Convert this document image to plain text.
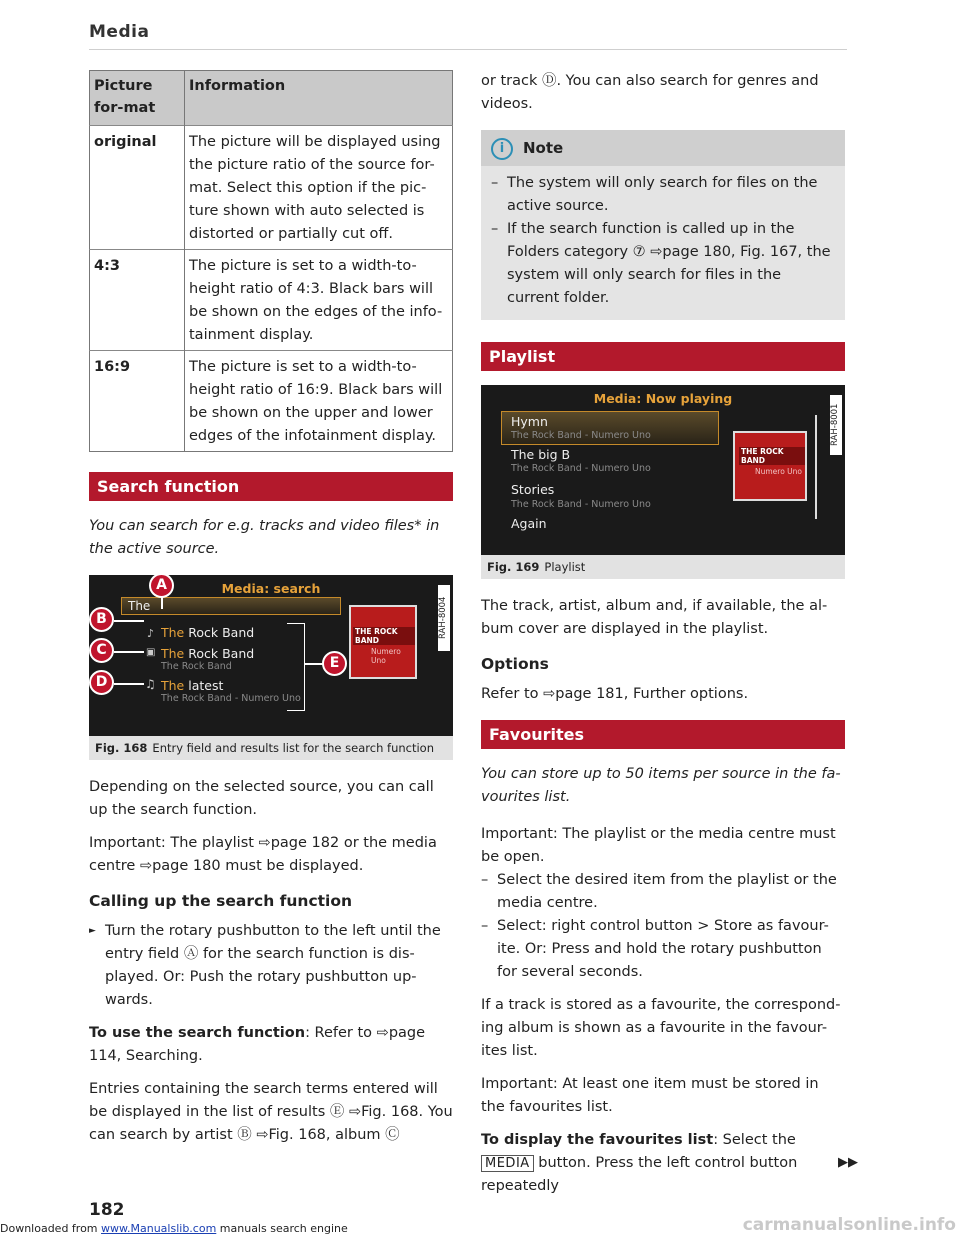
Media
Picture for-mat	Information
original	The picture will be displayed using the picture ratio of the source for-mat. Select this option if the pic-ture shown with auto selected is distorted or partially cut off.
4:3	The picture is set to a width-to-height ratio of 4:3. Black bars will be shown on the edges of the info-tainment display.
16:9	The picture is set to a width-to-height ratio of 16:9. Black bars will be shown on the upper and lower edges of the infotainment display.
Search function
You can search for e.g. tracks and video files* in the active source.
Media: search
The
♪ The Rock Band
▣ The Rock Band
The Rock Band
♫ The latest
The Rock Band - Numero Uno
THE ROCK BAND
Numero Uno
A
B
C
D
E
RAH-8004
Fig. 168 Entry field and results list for the search function

Depending on the selected source, you can call up the search function.

Important: The playlist ⇨page 182 or the media centre ⇨page 180 must be displayed.

Calling up the search function
► Turn the rotary pushbutton to the left until the entry field Ⓐ for the search function is dis-played. Or: Push the rotary pushbutton up-wards.

To use the search function: Refer to ⇨page 114, Searching.

Entries containing the search terms entered will be displayed in the list of results Ⓔ ⇨Fig. 168. You can search by artist Ⓑ ⇨Fig. 168, album Ⓒ

or track Ⓓ. You can also search for genres and videos.

i Note
– The system will only search for files on the active source.
– If the search function is called up in the Folders category ⑦ ⇨page 180, Fig. 167, the system will only search for files in the current folder.
Playlist
Media: Now playing
Hymn
The Rock Band - Numero Uno
The big B
The Rock Band - Numero Uno
Stories
The Rock Band - Numero Uno
Again
THE ROCK BAND
Numero Uno
RAH-8001
Fig. 169 Playlist

The track, artist, album and, if available, the al-bum cover are displayed in the playlist.

Options

Refer to ⇨page 181, Further options.

Favourites
You can store up to 50 items per source in the fa-vourites list.

Important: The playlist or the media centre must be open.

– Select the desired item from the playlist or the media centre.
– Select: right control button > Store as favour-ite. Or: Press and hold the rotary pushbutton for several seconds.

If a track is stored as a favourite, the correspond-ing album is shown as a favourite in the favour-ites list.

Important: At least one item must be stored in the favourites list.

To display the favourites list: Select the MEDIA button. Press the left control button repeatedly

▶▶
182
Downloaded from www.Manualslib.com manuals search engine	carmanualsonline.info
